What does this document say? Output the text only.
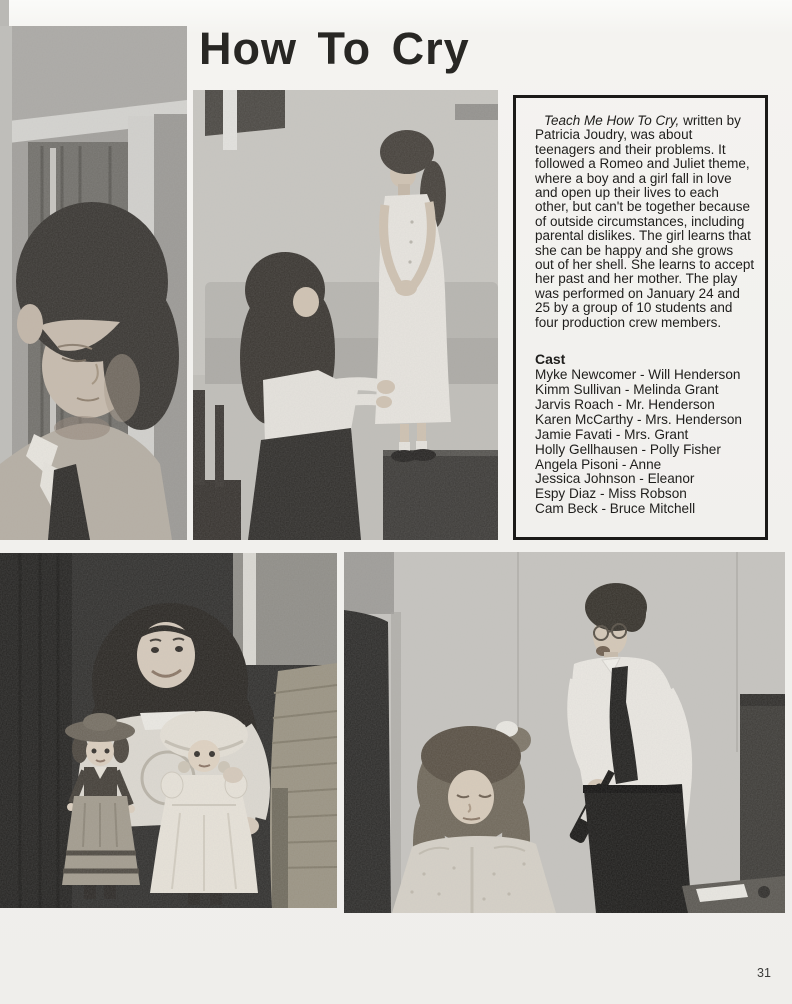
How To Cry

Teach Me How To Cry, written by Patricia Joudry, was about teenagers and their problems. It followed a Romeo and Juliet theme, where a boy and a girl fall in love and open up their lives to each other, but can't be together because of outside circumstances, including parental dislikes. The girl learns that she can be happy and she grows out of her shell. She learns to accept her past and her mother. The play was performed on January 24 and 25 by a group of 10 students and four production crew members.

Cast
Myke Newcomer - Will Henderson
Kimm Sullivan - Melinda Grant
Jarvis Roach - Mr. Henderson
Karen McCarthy - Mrs. Henderson
Jamie Favati - Mrs. Grant
Holly Gellhausen - Polly Fisher
Angela Pisoni - Anne
Jessica Johnson - Eleanor
Espy Diaz - Miss Robson
Cam Beck - Bruce Mitchell
31
